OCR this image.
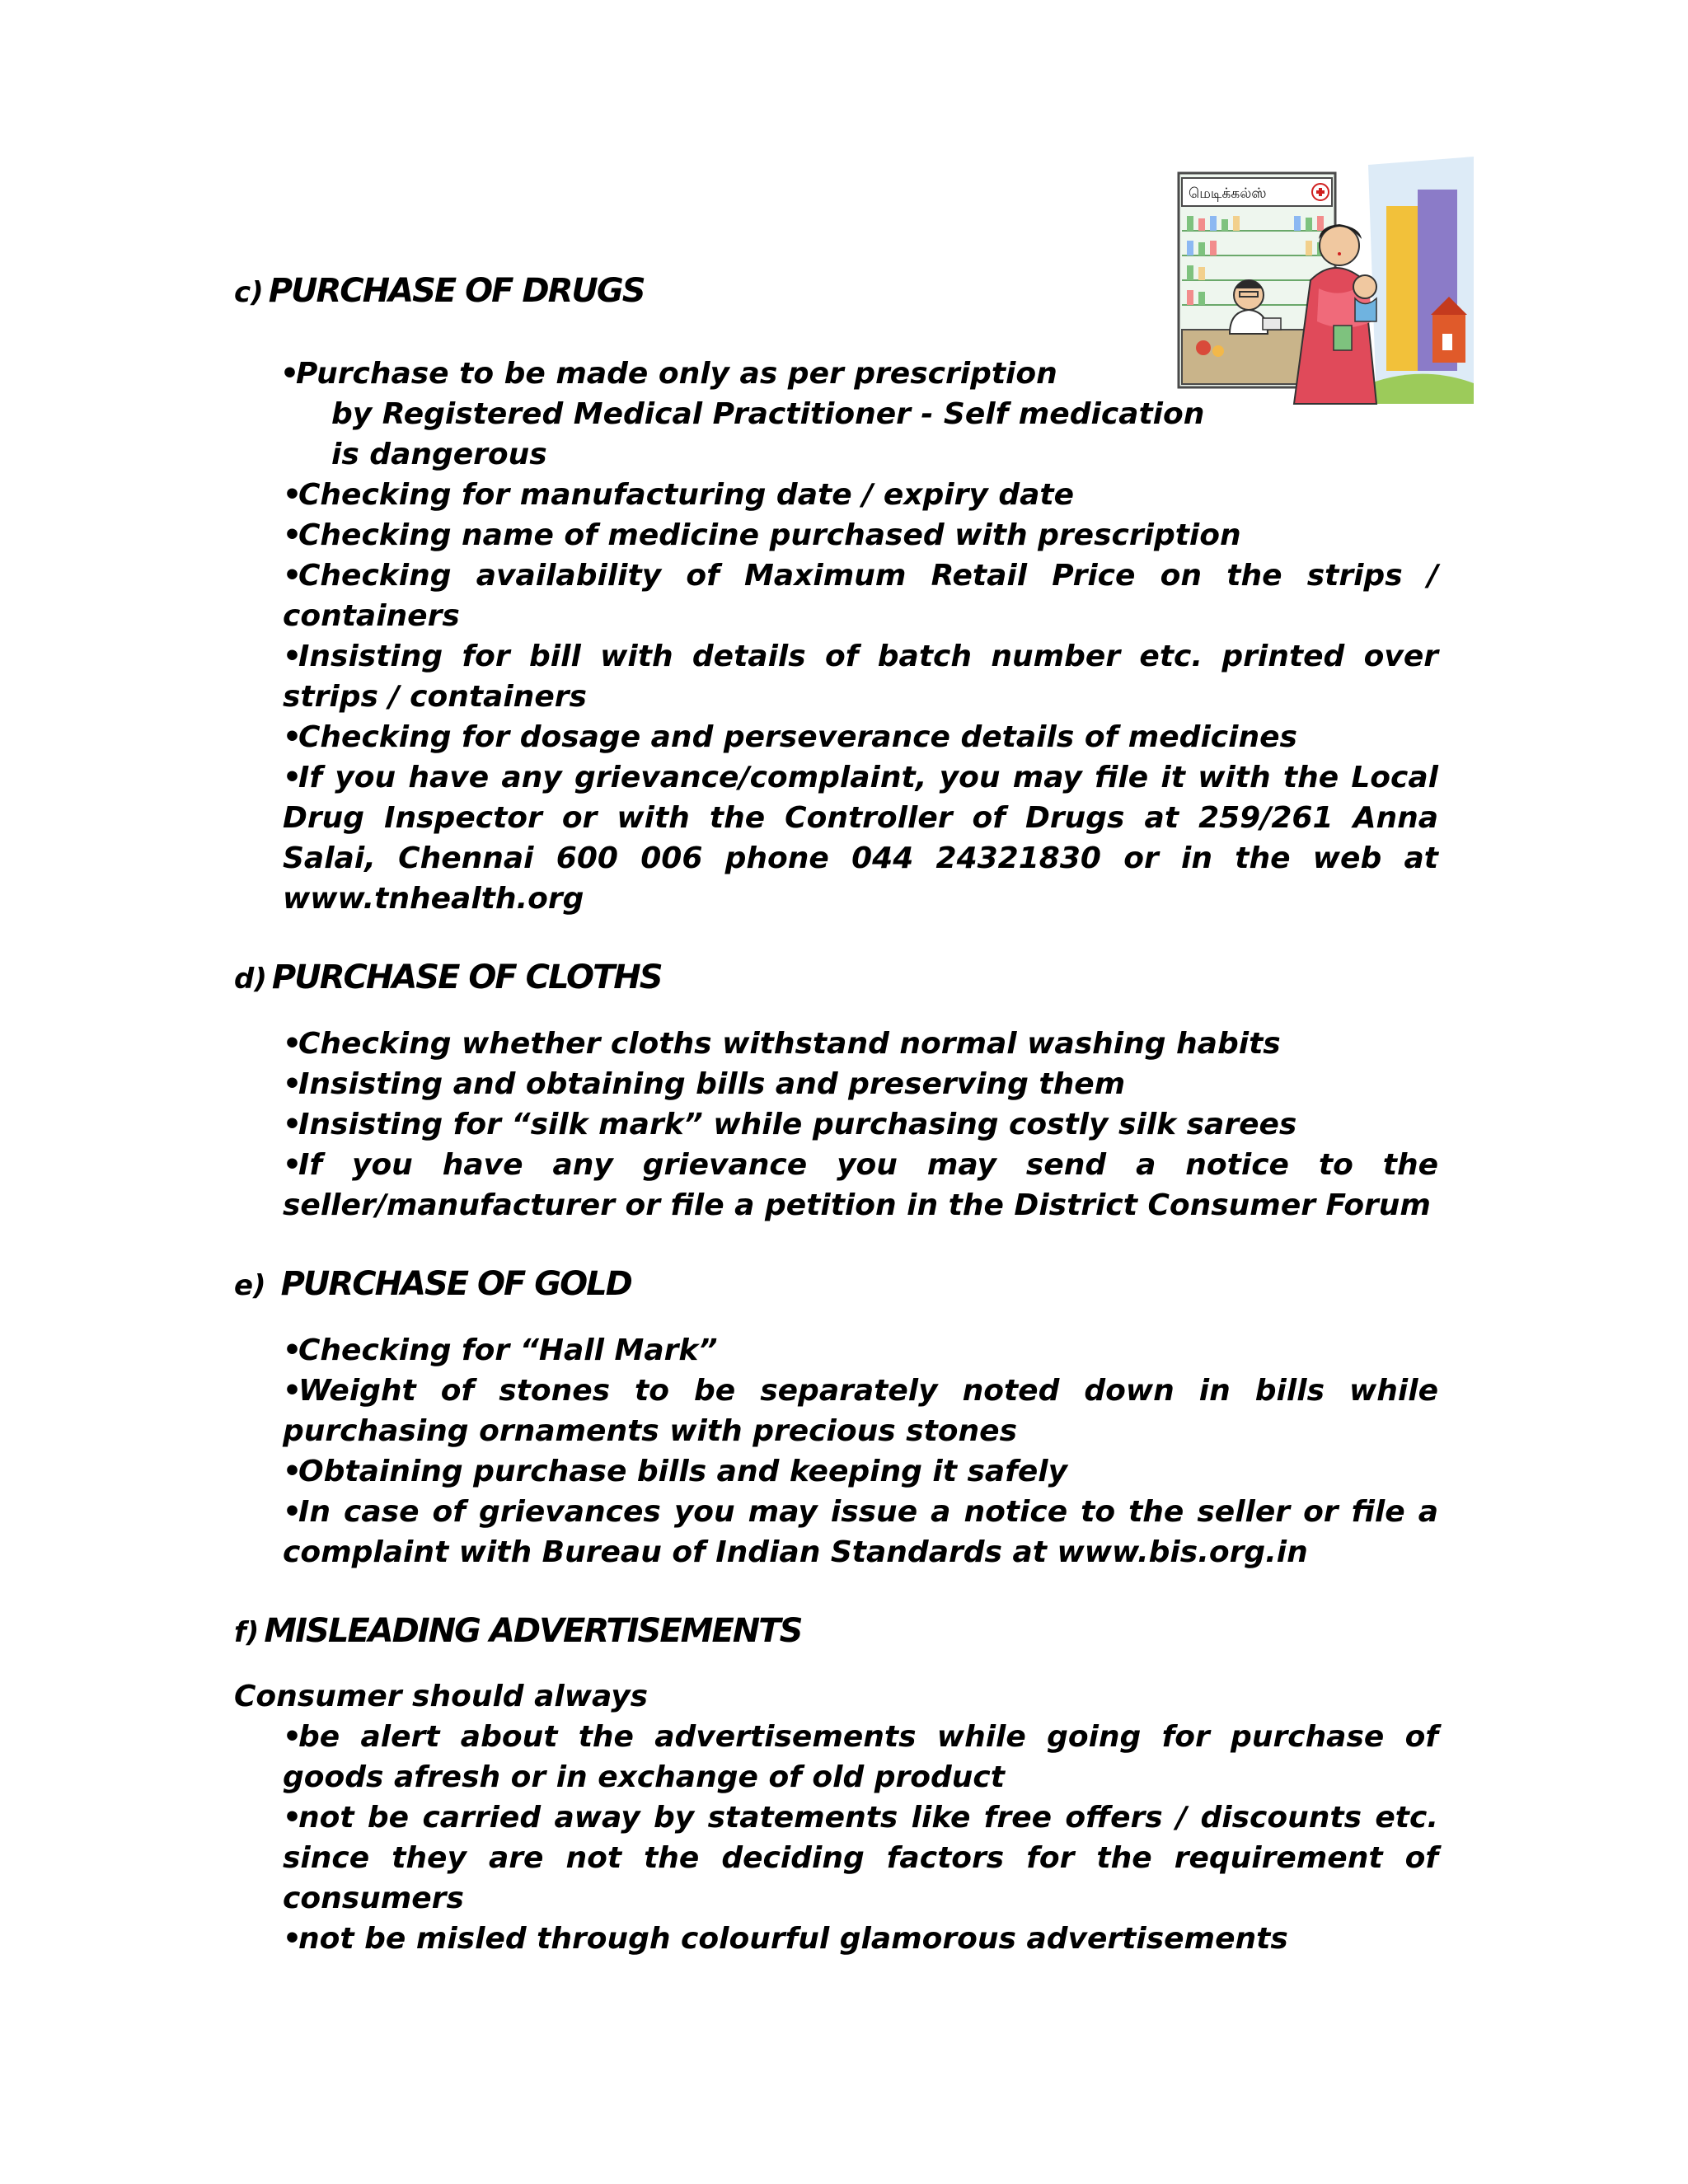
மெடிக்கல்ஸ்
c) PURCHASE OF DRUGS
•Purchase to be made only as per prescription
by Registered Medical Practitioner - Self medication
is dangerous
•Checking for manufacturing date / expiry date
•Checking name of medicine purchased with prescription
•Checking availability of Maximum Retail Price on the strips / containers
•Insisting for bill with details of batch number etc. printed over strips / containers
•Checking for dosage and perseverance details of medicines
•If you have any grievance/complaint, you may file it with the Local Drug Inspector or with the Controller of Drugs at 259/261 Anna Salai, Chennai 600 006 phone 044 24321830 or in the web at www.tnhealth.org
d) PURCHASE OF CLOTHS
•Checking whether cloths withstand normal washing habits
•Insisting and obtaining bills and preserving them
•Insisting for “silk mark” while purchasing costly silk sarees
•If you have any grievance you may send a notice to the seller/manufacturer or file a petition in the District Consumer Forum
e) PURCHASE OF GOLD
•Checking for “Hall Mark”
•Weight of stones to be separately noted down in bills while purchasing ornaments with precious stones
•Obtaining purchase bills and keeping it safely
•In case of grievances you may issue a notice to the seller or file a complaint with Bureau of Indian Standards at www.bis.org.in
f) MISLEADING ADVERTISEMENTS
Consumer should always
•be alert about the advertisements while going for purchase of goods afresh or in exchange of old product
•not be carried away by statements like free offers / discounts etc. since they are not the deciding factors for the requirement of consumers
•not be misled through colourful glamorous advertisements
